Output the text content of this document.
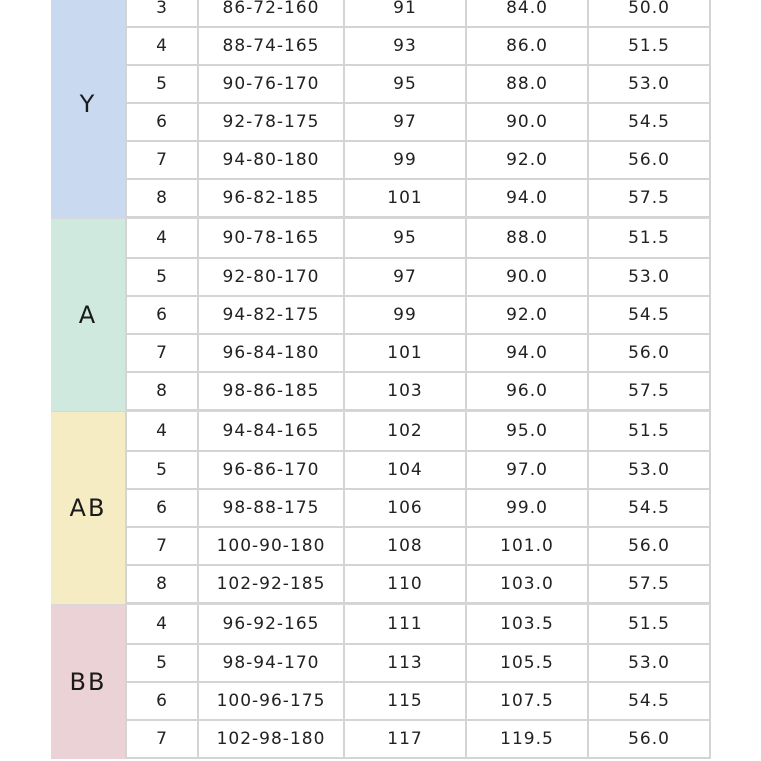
Y
3	86-72-160	91	84.0	50.0
4	88-74-165	93	86.0	51.5
5	90-76-170	95	88.0	53.0
6	92-78-175	97	90.0	54.5
7	94-80-180	99	92.0	56.0
8	96-82-185	101	94.0	57.5
A
4	90-78-165	95	88.0	51.5
5	92-80-170	97	90.0	53.0
6	94-82-175	99	92.0	54.5
7	96-84-180	101	94.0	56.0
8	98-86-185	103	96.0	57.5
AB
4	94-84-165	102	95.0	51.5
5	96-86-170	104	97.0	53.0
6	98-88-175	106	99.0	54.5
7	100-90-180	108	101.0	56.0
8	102-92-185	110	103.0	57.5
BB
4	96-92-165	111	103.5	51.5
5	98-94-170	113	105.5	53.0
6	100-96-175	115	107.5	54.5
7	102-98-180	117	119.5	56.0
